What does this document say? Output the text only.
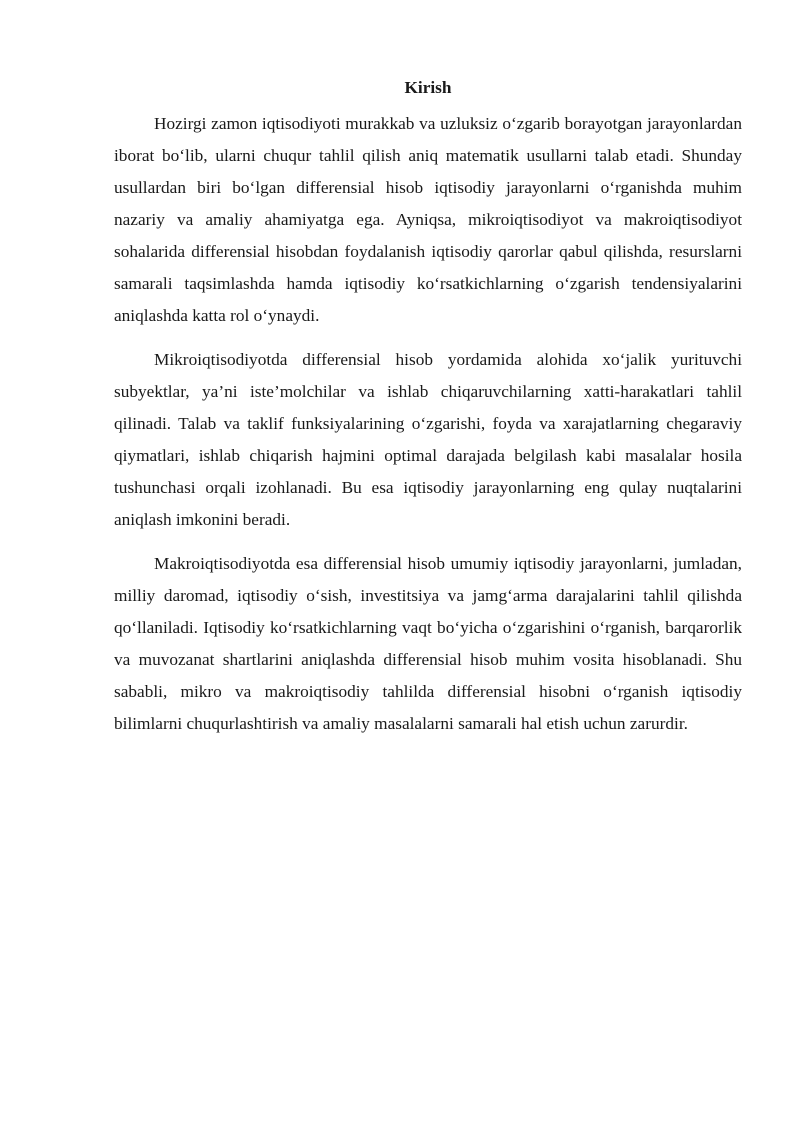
Kirish

Hozirgi zamon iqtisodiyoti murakkab va uzluksiz o‘zgarib borayotgan jarayonlardan iborat bo‘lib, ularni chuqur tahlil qilish aniq matematik usullarni talab etadi. Shunday usullardan biri bo‘lgan differensial hisob iqtisodiy jarayonlarni o‘rganishda muhim nazariy va amaliy ahamiyatga ega. Ayniqsa, mikroiqtisodiyot va makroiqtisodiyot sohalarida differensial hisobdan foydalanish iqtisodiy qarorlar qabul qilishda, resurslarni samarali taqsimlashda hamda iqtisodiy ko‘rsatkichlarning o‘zgarish tendensiyalarini aniqlashda katta rol o‘ynaydi.

Mikroiqtisodiyotda differensial hisob yordamida alohida xo‘jalik yurituvchi subyektlar, ya’ni iste’molchilar va ishlab chiqaruvchilarning xatti-harakatlari tahlil qilinadi. Talab va taklif funksiyalarining o‘zgarishi, foyda va xarajatlarning chegaraviy qiymatlari, ishlab chiqarish hajmini optimal darajada belgilash kabi masalalar hosila tushunchasi orqali izohlanadi. Bu esa iqtisodiy jarayonlarning eng qulay nuqtalarini aniqlash imkonini beradi.

Makroiqtisodiyotda esa differensial hisob umumiy iqtisodiy jarayonlarni, jumladan, milliy daromad, iqtisodiy o‘sish, investitsiya va jamg‘arma darajalarini tahlil qilishda qo‘llaniladi. Iqtisodiy ko‘rsatkichlarning vaqt bo‘yicha o‘zgarishini o‘rganish, barqarorlik va muvozanat shartlarini aniqlashda differensial hisob muhim vosita hisoblanadi. Shu sababli, mikro va makroiqtisodiy tahlilda differensial hisobni o‘rganish iqtisodiy bilimlarni chuqurlashtirish va amaliy masalalarni samarali hal etish uchun zarurdir.
